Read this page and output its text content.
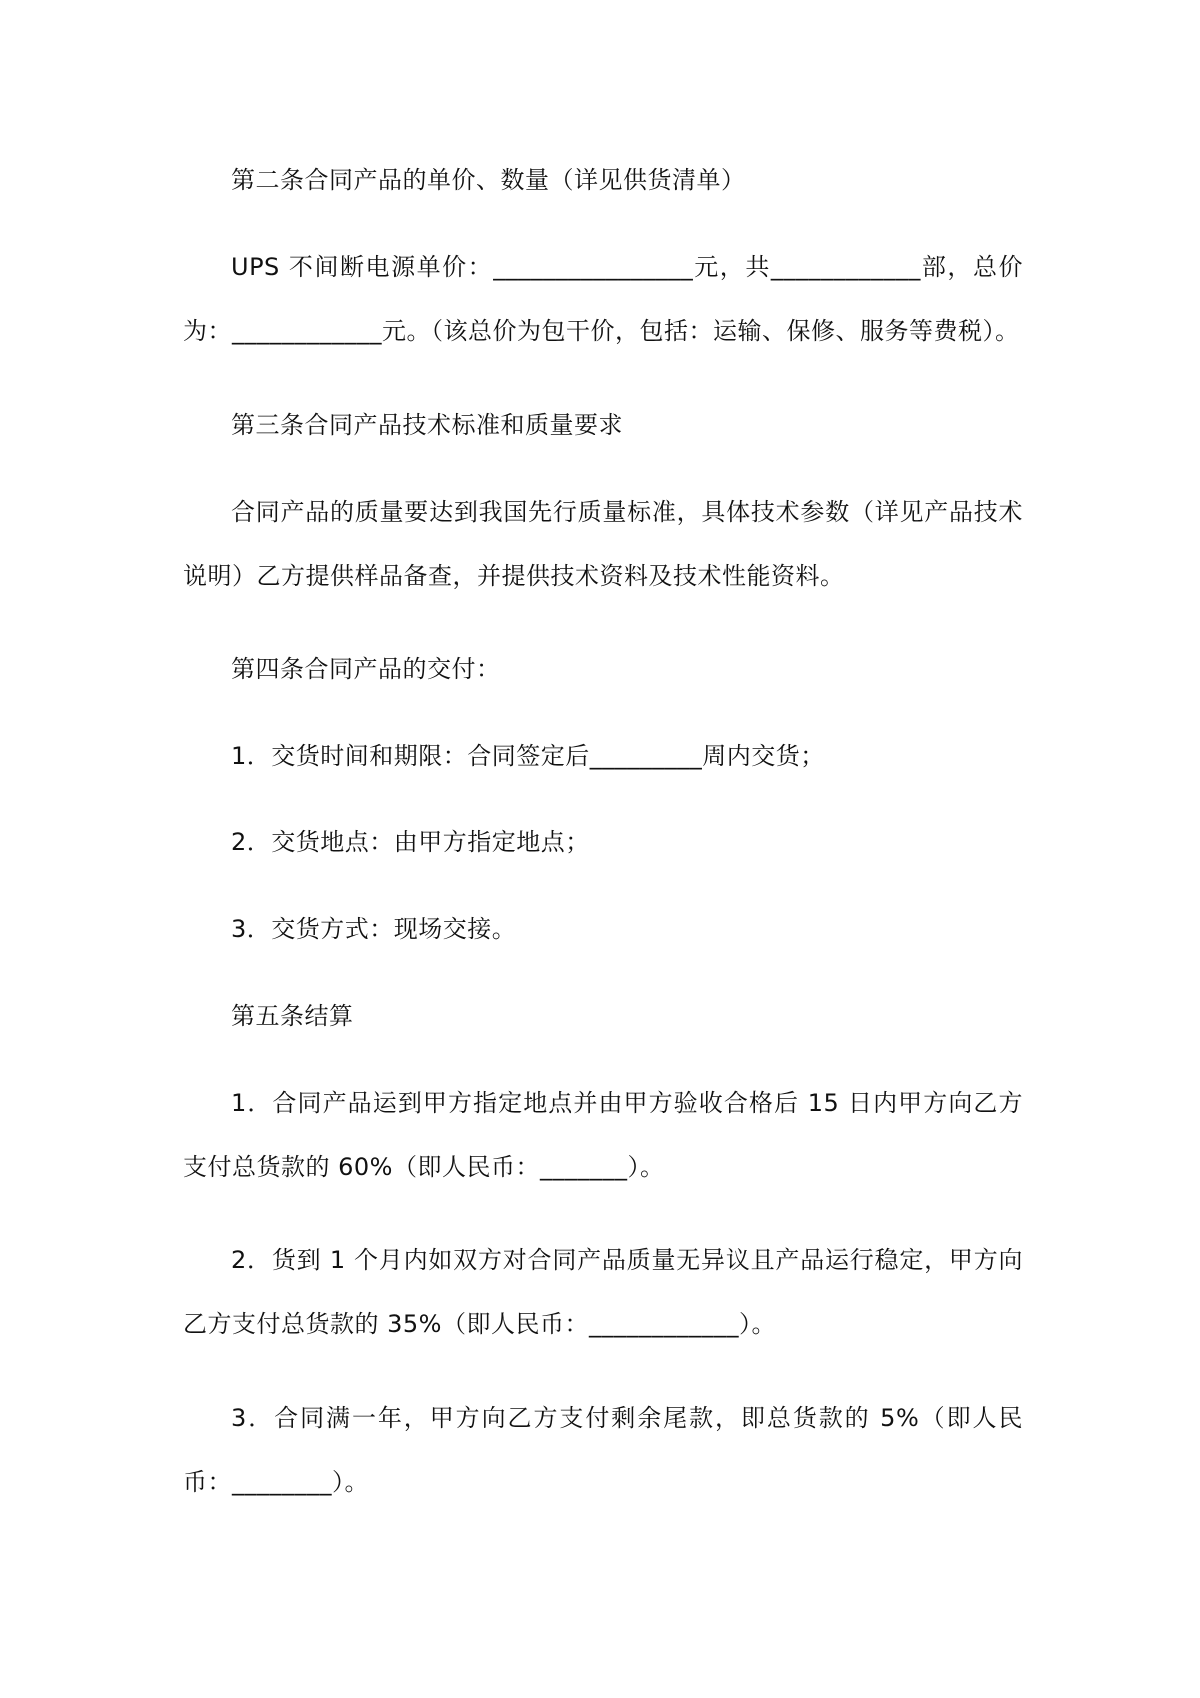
第二条合同产品的单价、数量（详见供货清单）

UPS 不间断电源单价：________________元，共____________部，总价为：____________元。（该总价为包干价，包括：运输、保修、服务等费税）。

第三条合同产品技术标准和质量要求

合同产品的质量要达到我国先行质量标准，具体技术参数（详见产品技术说明）乙方提供样品备查，并提供技术资料及技术性能资料。

第四条合同产品的交付：

1．交货时间和期限：合同签定后_________周内交货；

2．交货地点：由甲方指定地点；

3．交货方式：现场交接。

第五条结算

1．合同产品运到甲方指定地点并由甲方验收合格后 15 日内甲方向乙方支付总货款的 60%（即人民币：_______）。

2．货到 1 个月内如双方对合同产品质量无异议且产品运行稳定，甲方向乙方支付总货款的 35%（即人民币：____________）。

3．合同满一年，甲方向乙方支付剩余尾款，即总货款的 5%（即人民币：________）。
